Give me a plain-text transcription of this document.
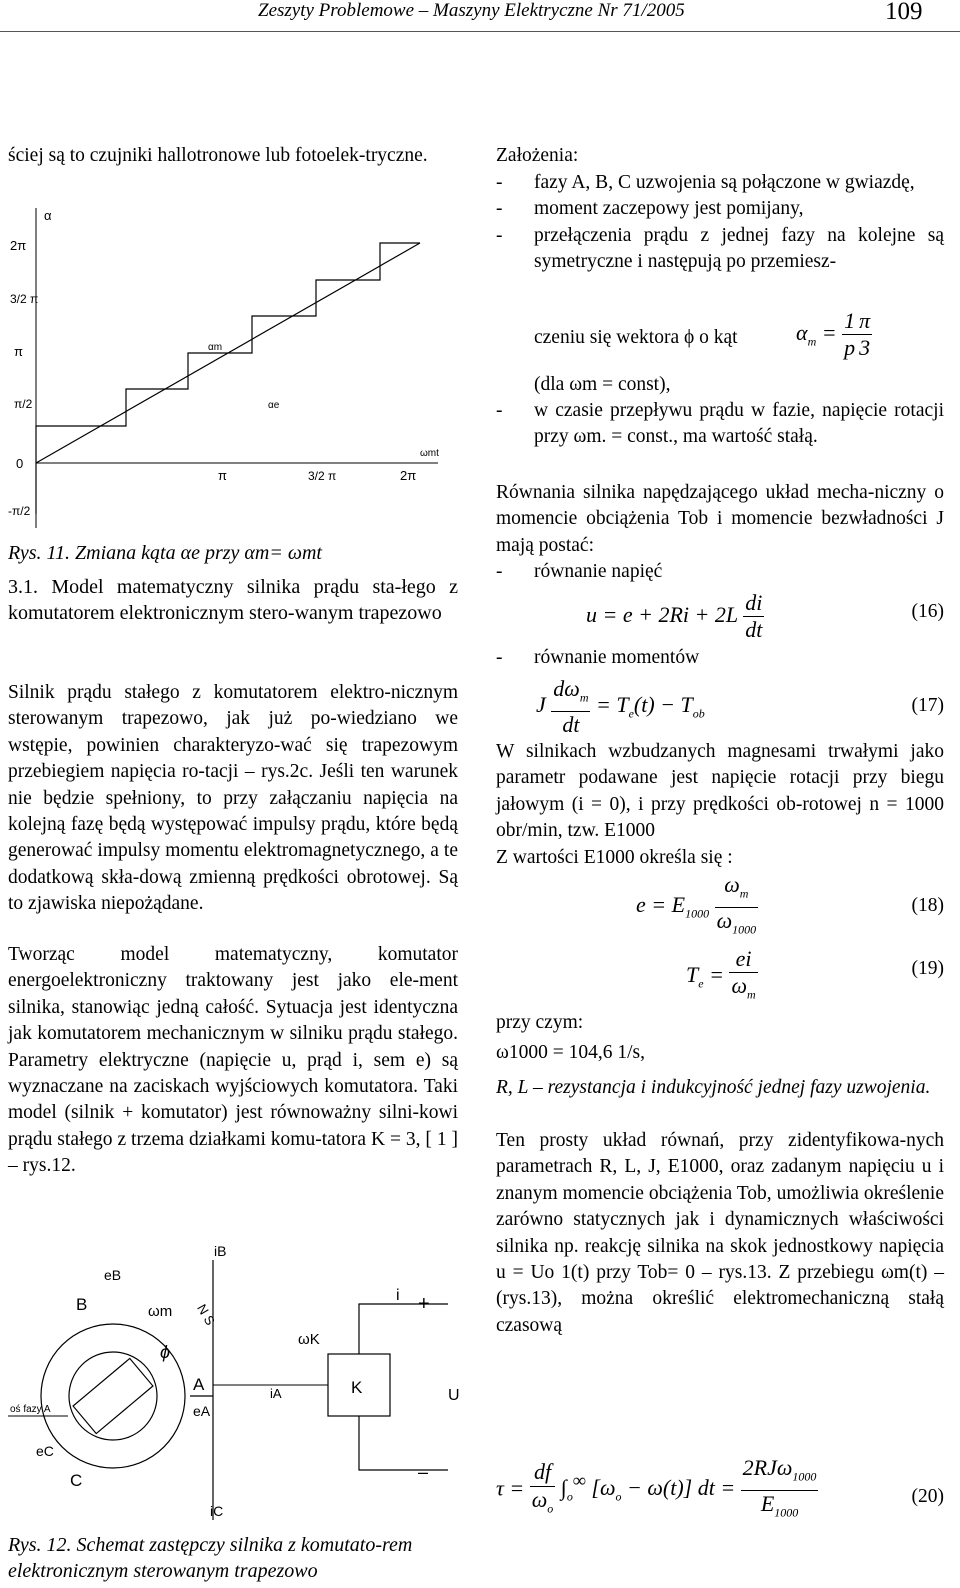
Zeszyty Problemowe – Maszyny Elektryczne Nr 71/2005	109
ściej są to czujniki hallotronowe lub fotoelek-tryczne.
α
2π
3/2 π
π
π/2
0
-π/2
π	3/2 π	2π
ωmt
αm
αe
Rys. 11. Zmiana kąta αe przy αm= ωmt
3.1. Model matematyczny silnika prądu sta-łego z komutatorem elektronicznym stero-wanym trapezowo
Silnik prądu stałego z komutatorem elektro-nicznym sterowanym trapezowo, jak już po-wiedziano we wstępie, powinien charakteryzo-wać się trapezowym przebiegiem napięcia ro-tacji – rys.2c. Jeśli ten warunek nie będzie spełniony, to przy załączaniu napięcia na kolejną fazę będą występować impulsy prądu, które będą generować impulsy momentu elektromagnetycznego, a te dodatkową skła-dową zmienną prędkości obrotowej. Są to zjawiska niepożądane.
Tworząc model matematyczny, komutator energoelektroniczny traktowany jest jako ele-ment silnika, stanowiąc jedną całość. Sytuacja jest identyczna jak komutatorem mechanicznym w silniku prądu stałego. Parametry elektryczne (napięcie u, prąd i, sem e) są wyznaczane na zaciskach wyjściowych komutatora. Taki model (silnik + komutator) jest równoważny silni-kowi prądu stałego z trzema działkami komu-tatora K = 3, [ 1 ] – rys.12.
iB
eB
B	ωm N S
ϕ
A
eA
iA
ωK
K
i +
U
–
oś fazy A
eC
C
iC
Rys. 12. Schemat zastępczy silnika z komutato-rem elektronicznym sterowanym trapezowo
Założenia:
- fazy A, B, C uzwojenia są połączone w gwiazdę,
- moment zaczepowy jest pomijany,
- przełączenia prądu z jednej fazy na kolejne są symetryczne i następują po przemiesz-
czeniu się wektora ϕ o kąt	$\alpha_m = \frac{1}{p} \frac{\pi}{3}$
(dla ωm = const),
- w czasie przepływu prądu w fazie, napięcie rotacji przy ωm. = const., ma wartość stałą.
Równania silnika napędzającego układ mecha-niczny o momencie obciążenia Tob i momencie bezwładności J mają postać:
- równanie napięć
$u = e + 2Ri + 2L \frac{di}{dt}$	(16)
- równanie momentów
J $\frac{d\omega_m}{dt} = T_e(t) - T_{ob}$	(17)
W silnikach wzbudzanych magnesami trwałymi jako parametr podawane jest napięcie rotacji przy biegu jałowym (i = 0), i przy prędkości ob-rotowej n = 1000 obr/min, tzw. E1000
Z wartości E1000 określa się :
$e = E_{1000} \frac{\omega_m}{\omega_{1000}}$	(18)
$T_e = \frac{ei}{\omega_m}$	(19)
przy czym:
ω1000 = 104,6 1/s,
R, L – rezystancja i indukcyjność jednej fazy uzwojenia.
Ten prosty układ równań, przy zidentyfikowa-nych parametrach R, L, J, E1000, oraz zadanym napięciu u i znanym momencie obciążenia Tob, umożliwia określenie zarówno statycznych jak i dynamicznych właściwości silnika np. reakcję silnika na skok jednostkowy napięcia u = Uo 1(t) przy Tob= 0 – rys.13. Z przebiegu ωm(t) – (rys.13), można określić elektromechaniczną stałą czasową
$\tau = \frac{df}{\omega_o} \int_o^\infty$ $[\omega_o - \omega(t)]$ dt = $\frac{2RJ\omega_{1000}}{E_{1000}}$	(20)
